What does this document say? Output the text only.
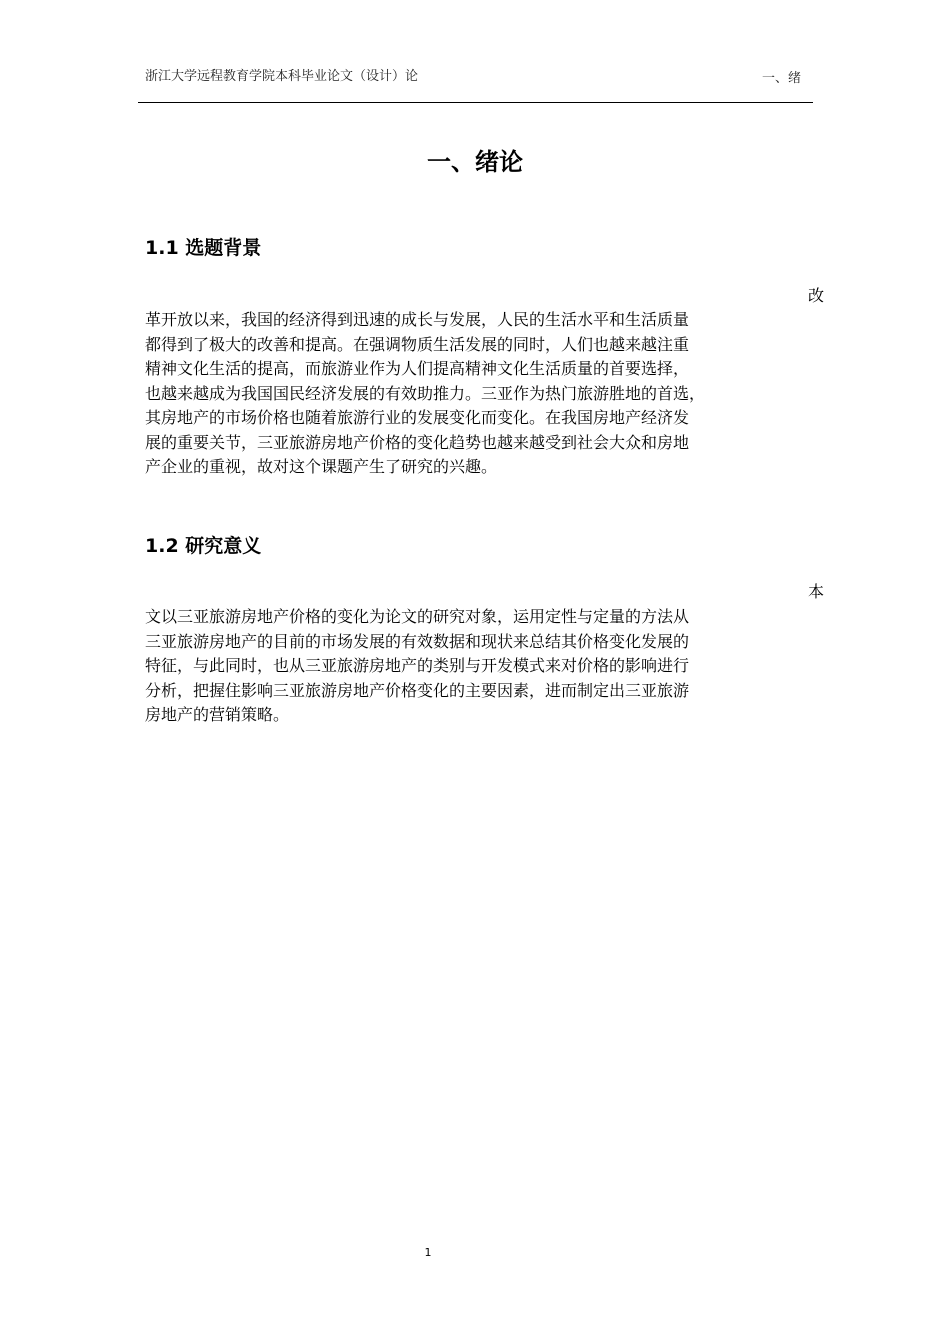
浙江大学远程教育学院本科毕业论文（设计）论	一、绪
一、绪论
1.1 选题背景
改
革开放以来，我国的经济得到迅速的成长与发展，人民的生活水平和生活质量
都得到了极大的改善和提高。在强调物质生活发展的同时，人们也越来越注重
精神文化生活的提高，而旅游业作为人们提高精神文化生活质量的首要选择，
也越来越成为我国国民经济发展的有效助推力。三亚作为热门旅游胜地的首选，
其房地产的市场价格也随着旅游行业的发展变化而变化。在我国房地产经济发
展的重要关节，三亚旅游房地产价格的变化趋势也越来越受到社会大众和房地
产企业的重视，故对这个课题产生了研究的兴趣。
1.2 研究意义
本
文以三亚旅游房地产价格的变化为论文的研究对象，运用定性与定量的方法从
三亚旅游房地产的目前的市场发展的有效数据和现状来总结其价格变化发展的
特征，与此同时，也从三亚旅游房地产的类别与开发模式来对价格的影响进行
分析，把握住影响三亚旅游房地产价格变化的主要因素，进而制定出三亚旅游
房地产的营销策略。
1
